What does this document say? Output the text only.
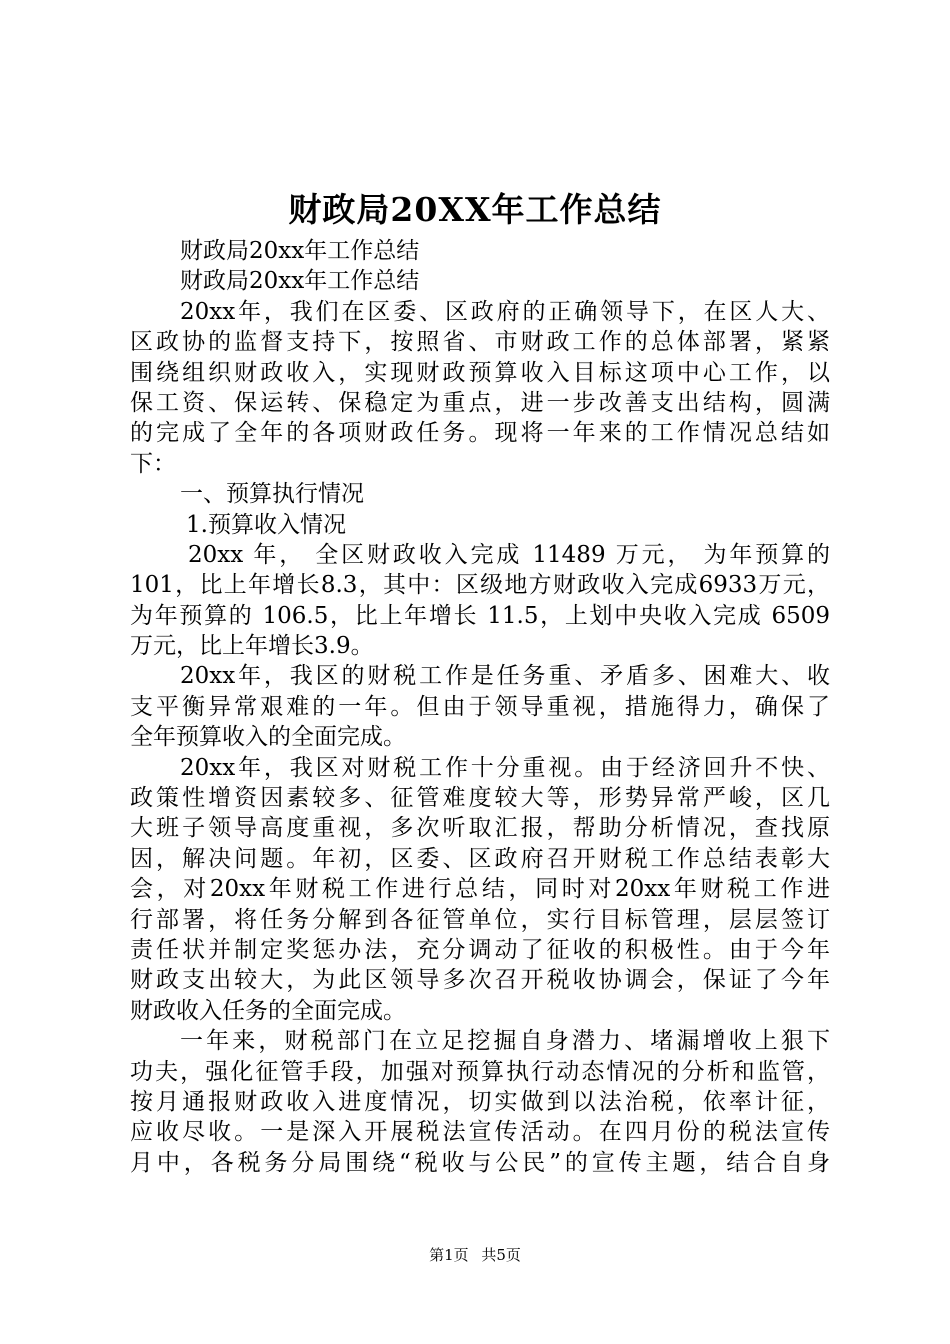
财政局20XX年工作总结
财政局20xx年工作总结
财政局20xx年工作总结
20xx年，我们在区委、区政府的正确领导下，在区人大、
区政协的监督支持下，按照省、市财政工作的总体部署，紧紧
围绕组织财政收入，实现财政预算收入目标这项中心工作，以
保工资、保运转、保稳定为重点，进一步改善支出结构，圆满
的完成了全年的各项财政任务。现将一年来的工作情况总结如
下：
一、预算执行情况
1.预算收入情况
20xx 年， 全区财政收入完成 11489 万元， 为年预算的
101，比上年增长8.3，其中：区级地方财政收入完成6933万元，
为年预算的 106.5，比上年增长 11.5，上划中央收入完成 6509
万元，比上年增长3.9。
20xx年，我区的财税工作是任务重、矛盾多、困难大、收
支平衡异常艰难的一年。但由于领导重视，措施得力，确保了
全年预算收入的全面完成。
20xx年，我区对财税工作十分重视。由于经济回升不快、
政策性增资因素较多、征管难度较大等，形势异常严峻，区几
大班子领导高度重视，多次听取汇报，帮助分析情况，查找原
因，解决问题。年初，区委、区政府召开财税工作总结表彰大
会，对20xx年财税工作进行总结，同时对20xx年财税工作进
行部署，将任务分解到各征管单位，实行目标管理，层层签订
责任状并制定奖惩办法，充分调动了征收的积极性。由于今年
财政支出较大，为此区领导多次召开税收协调会，保证了今年
财政收入任务的全面完成。
一年来，财税部门在立足挖掘自身潜力、堵漏增收上狠下
功夫，强化征管手段，加强对预算执行动态情况的分析和监管，
按月通报财政收入进度情况，切实做到以法治税，依率计征，
应收尽收。一是深入开展税法宣传活动。在四月份的税法宣传
月中，各税务分局围绕“税收与公民”的宣传主题，结合自身
第1页 共5页
